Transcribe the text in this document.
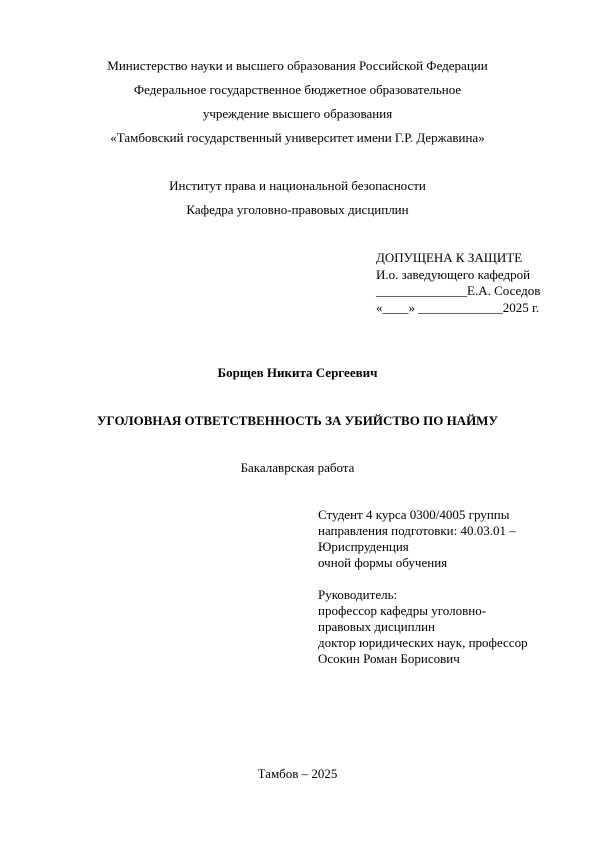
Министерство науки и высшего образования Российской Федерации
Федеральное государственное бюджетное образовательное
учреждение высшего образования
«Тамбовский государственный университет имени Г.Р. Державина»
Институт права и национальной безопасности
Кафедра уголовно-правовых дисциплин
ДОПУЩЕНА К ЗАЩИТЕ
И.о. заведующего кафедрой
______________Е.А. Соседов
«____» _____________2025 г.
Борщев Никита Сергеевич
УГОЛОВНАЯ ОТВЕТСТВЕННОСТЬ ЗА УБИЙСТВО ПО НАЙМУ
Бакалаврская работа
Студент 4 курса 0300/4005 группы
направления подготовки: 40.03.01 –
Юриспруденция
очной формы обучения
Руководитель:
профессор кафедры уголовно-
правовых дисциплин
доктор юридических наук, профессор
Осокин Роман Борисович
Тамбов – 2025
